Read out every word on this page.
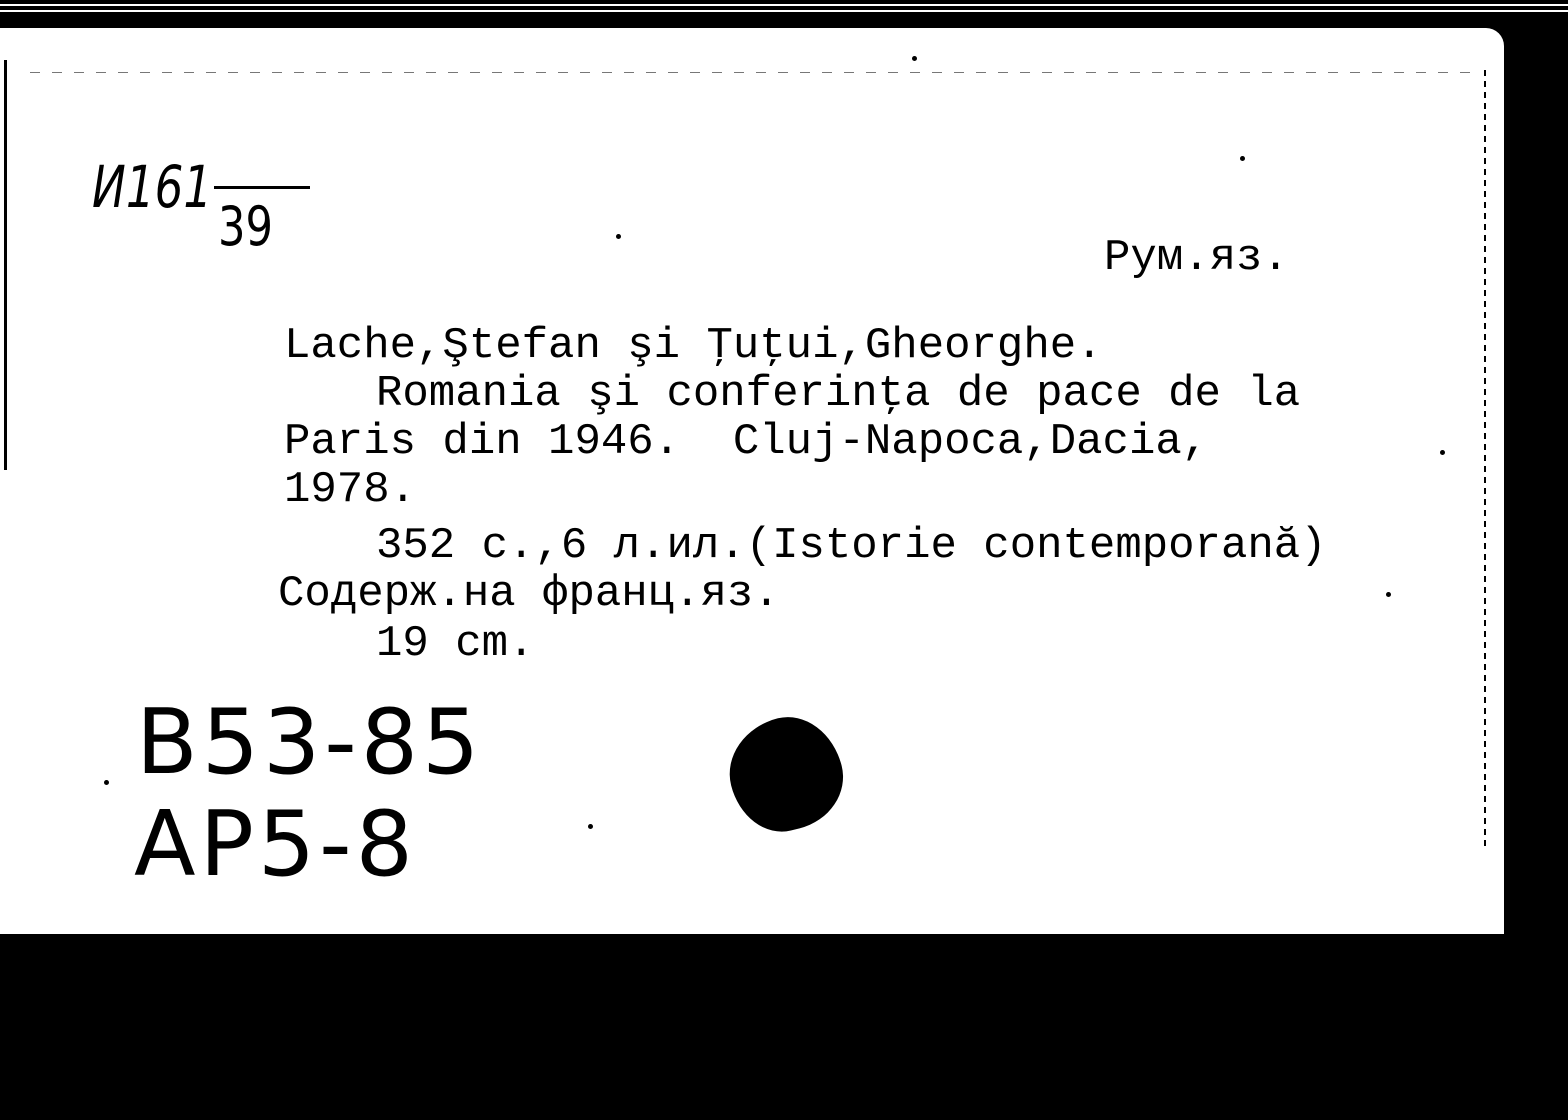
И161
39	Рум.яз.
Lache,Ştefan şi Ţuţui,Gheorghe.
Romania şi conferinţa de pace de la
Paris din 1946.  Cluj-Napoca,Dacia,
1978.
352 c.,6 л.ил.(Istorie contemporană)
Содерж.на франц.яз.
19 cm.
B53-85
AP5-8
